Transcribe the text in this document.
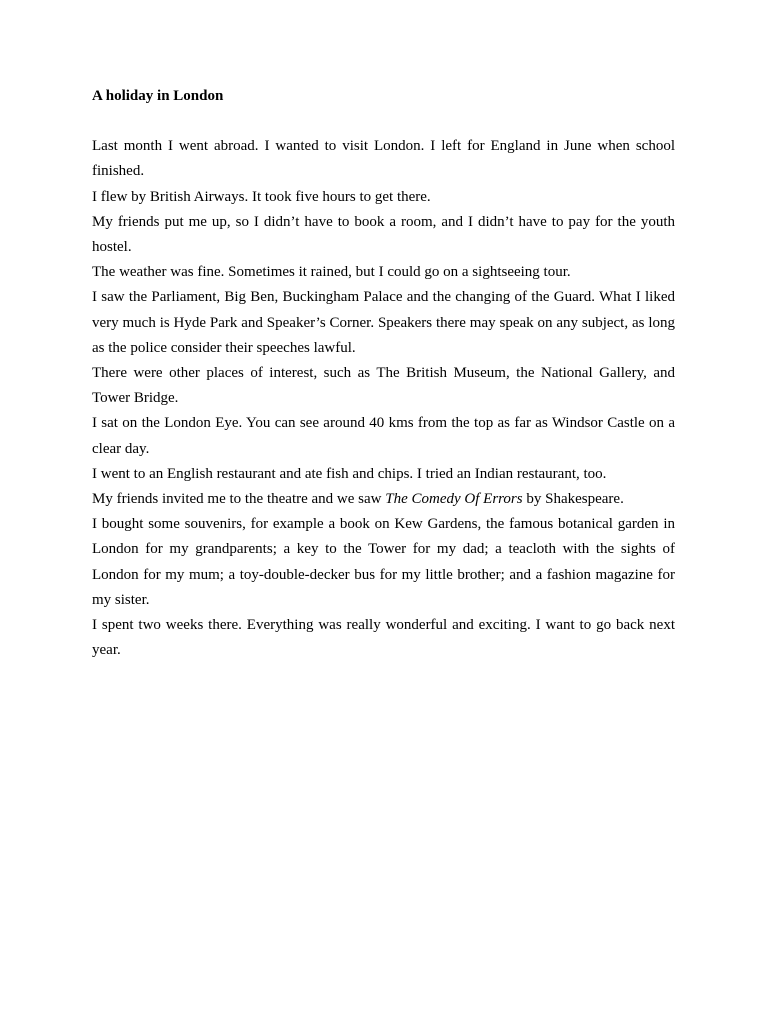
A holiday in London

Last month I went abroad. I wanted to visit London. I left for England in June when school finished.

I flew by British Airways. It took five hours to get there.

My friends put me up, so I didn’t have to book a room, and I didn’t have to pay for the youth hostel.

The weather was fine. Sometimes it rained, but I could go on a sightseeing tour.

I saw the Parliament, Big Ben, Buckingham Palace and the changing of the Guard. What I liked very much is Hyde Park and Speaker’s Corner. Speakers there may speak on any subject, as long as the police consider their speeches lawful.

There were other places of interest, such as The British Museum, the National Gallery, and Tower Bridge.

I sat on the London Eye. You can see around 40 kms from the top as far as Windsor Castle on a clear day.

I went to an English restaurant and ate fish and chips. I tried an Indian restaurant, too.

My friends invited me to the theatre and we saw The Comedy Of Errors by Shakespeare.

I bought some souvenirs, for example a book on Kew Gardens, the famous botanical garden in London for my grandparents; a key to the Tower for my dad; a teacloth with the sights of London for my mum; a toy-double-decker bus for my little brother; and a fashion magazine for my sister.

I spent two weeks there. Everything was really wonderful and exciting. I want to go back next year.
